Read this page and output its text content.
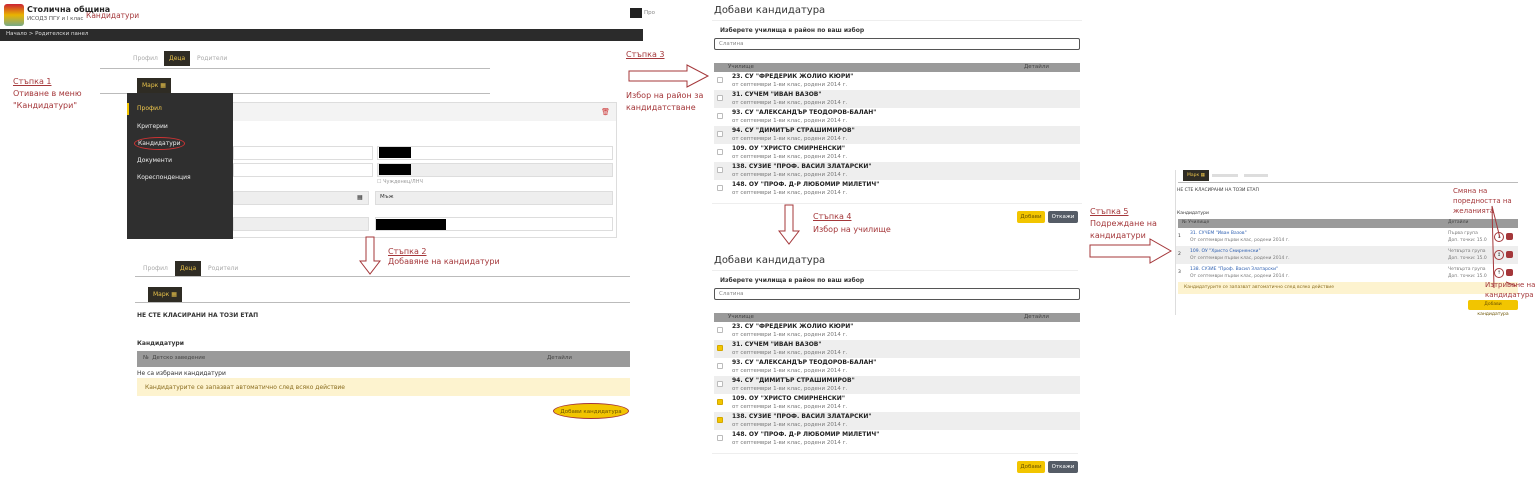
Столична община
ИСОДЗ ПГУ и I клас Кандидатури	Про
Начало > Родителски панел
Профил	Деца	Родители
Марк ▦
🗑
☐ Чужденец/ЛНЧ
▦	Мъж
Профил
Критерии
Кандидатури
Документи
Кореспонденция
Стъпка 1
Отиване в меню "Кандидатури"
Стъпка 2
Добавяне на кандидатури
Профил	Деца	Родители
Марк ▦
НЕ СТЕ КЛАСИРАНИ НА ТОЗИ ЕТАП
Кандидатури
№ Детско заведение	Детайли
Не са избрани кандидатури
Кандидатурите се запазват автоматично след всяко действие
Добави кандидатура
Стъпка 3
Избор на район за кандидатстване
Добави кандидатура
Изберете училища в район по ваш избор
Слатина
Училище	Детайли
23. СУ "ФРЕДЕРИК ЖОЛИО КЮРИ"
от септември 1-ви клас, родени 2014 г.
31. СУЧЕМ "ИВАН ВАЗОВ"
от септември 1-ви клас, родени 2014 г.
93. СУ "АЛЕКСАНДЪР ТЕОДОРОВ-БАЛАН"
от септември 1-ви клас, родени 2014 г.
94. СУ "ДИМИТЪР СТРАШИМИРОВ"
от септември 1-ви клас, родени 2014 г.
109. ОУ "ХРИСТО СМИРНЕНСКИ"
от септември 1-ви клас, родени 2014 г.
138. СУЗИЕ "ПРОФ. ВАСИЛ ЗЛАТАРСКИ"
от септември 1-ви клас, родени 2014 г.
148. ОУ "ПРОФ. Д-Р ЛЮБОМИР МИЛЕТИЧ"
от септември 1-ви клас, родени 2014 г.
Добави	Откажи
Добави кандидатура
Изберете училища в район по ваш избор
Слатина
Училище	Детайли
23. СУ "ФРЕДЕРИК ЖОЛИО КЮРИ"
от септември 1-ви клас, родени 2014 г.
31. СУЧЕМ "ИВАН ВАЗОВ"
от септември 1-ви клас, родени 2014 г.
93. СУ "АЛЕКСАНДЪР ТЕОДОРОВ-БАЛАН"
от септември 1-ви клас, родени 2014 г.
94. СУ "ДИМИТЪР СТРАШИМИРОВ"
от септември 1-ви клас, родени 2014 г.
109. ОУ "ХРИСТО СМИРНЕНСКИ"
от септември 1-ви клас, родени 2014 г.
138. СУЗИЕ "ПРОФ. ВАСИЛ ЗЛАТАРСКИ"
от септември 1-ви клас, родени 2014 г.
148. ОУ "ПРОФ. Д-Р ЛЮБОМИР МИЛЕТИЧ"
от септември 1-ви клас, родени 2014 г.
Добави	Откажи
Стъпка 4
Избор на училище
Стъпка 5
Подреждане на кандидатури
Марк ▦
НЕ СТЕ КЛАСИРАНИ НА ТОЗИ ЕТАП
Кандидатури
№ Училище	Детайли
1
31. СУЧЕМ "Иван Вазов"
От септември първи клас, родени 2014 г.
Първа група
Доп. точки: 15.0
↓
2
109. ОУ "Христо Смирненски"
От септември първи клас, родени 2014 г.
Четвърта група
Доп. точки: 15.0
↕
3
138. СУЗИЕ "Проф. Васил Златарски"
От септември първи клас, родени 2014 г.
Четвърта група
Доп. точки: 15.0
↑
Кандидатурите се запазват автоматично след всяко действие
Добави кандидатура
Смяна на поредността на желанията
Изтриване на кандидатура
